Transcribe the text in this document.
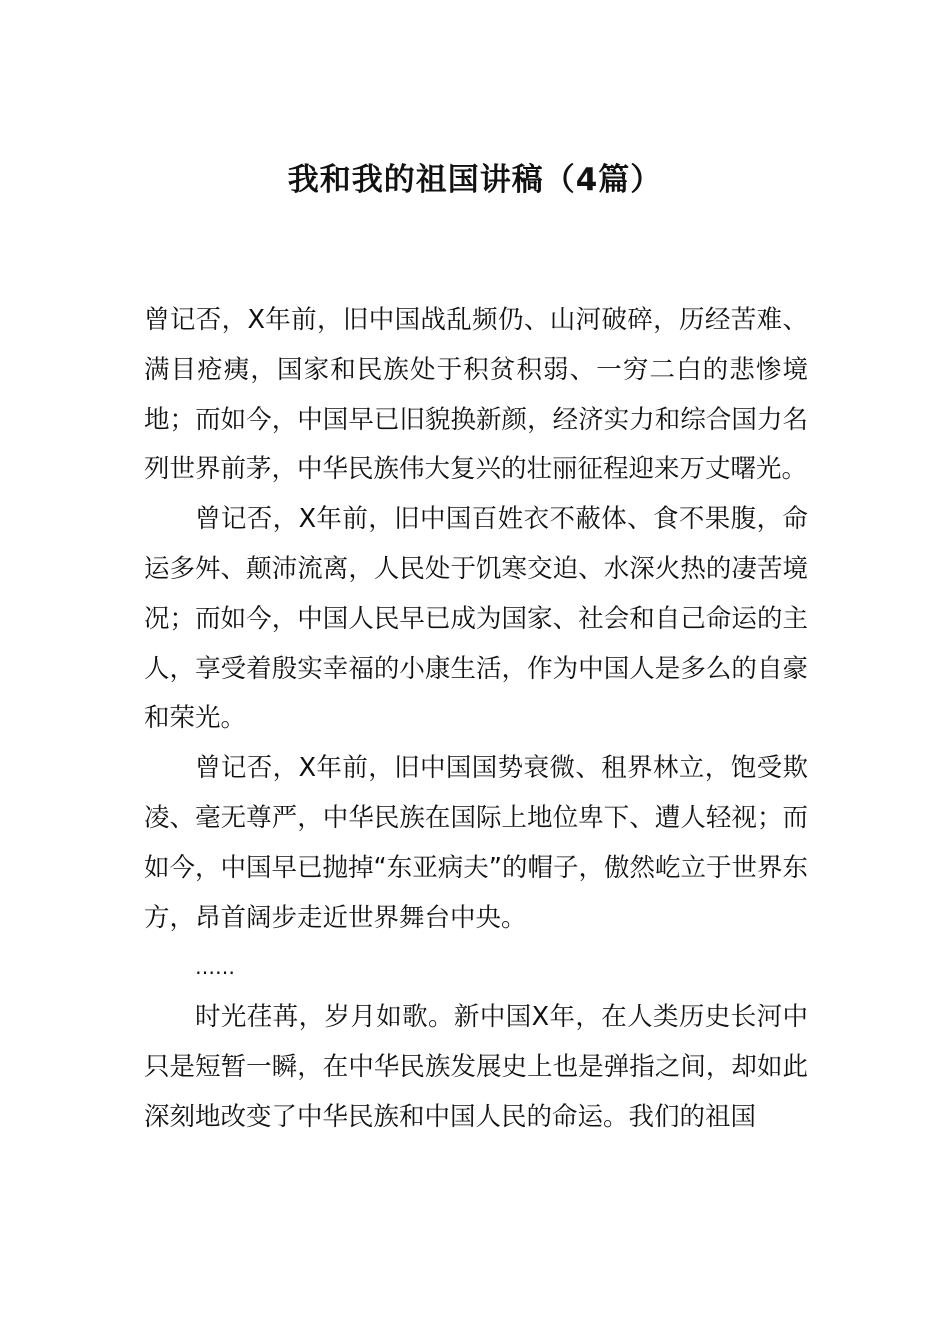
我和我的祖国讲稿（4篇）

曾记否，X年前，旧中国战乱频仍、山河破碎，历经苦难、满目疮痍，国家和民族处于积贫积弱、一穷二白的悲惨境地；而如今，中国早已旧貌换新颜，经济实力和综合国力名列世界前茅，中华民族伟大复兴的壮丽征程迎来万丈曙光。

曾记否，X年前，旧中国百姓衣不蔽体、食不果腹，命运多舛、颠沛流离，人民处于饥寒交迫、水深火热的凄苦境况；而如今，中国人民早已成为国家、社会和自己命运的主人，享受着殷实幸福的小康生活，作为中国人是多么的自豪和荣光。

曾记否，X年前，旧中国国势衰微、租界林立，饱受欺凌、毫无尊严，中华民族在国际上地位卑下、遭人轻视；而如今，中国早已抛掉“东亚病夫”的帽子，傲然屹立于世界东方，昂首阔步走近世界舞台中央。

……

时光荏苒，岁月如歌。新中国X年，在人类历史长河中只是短暂一瞬，在中华民族发展史上也是弹指之间，却如此深刻地改变了中华民族和中国人民的命运。我们的祖国
